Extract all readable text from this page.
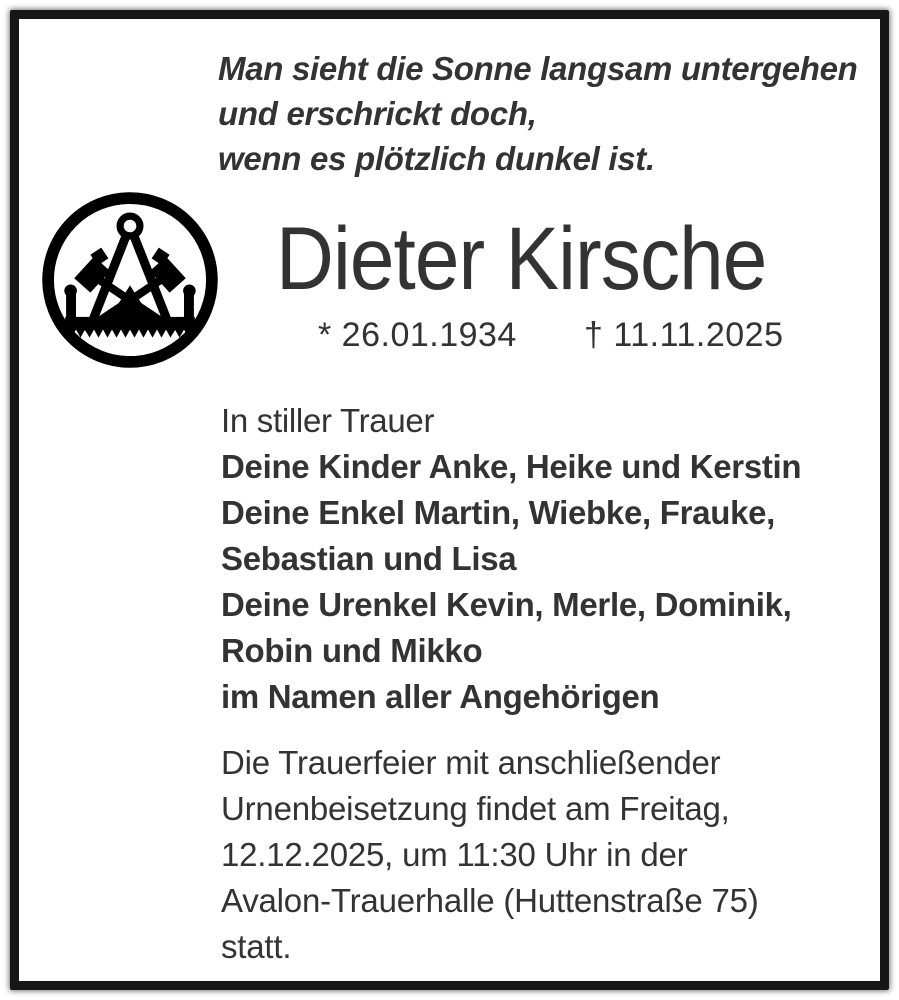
Man sieht die Sonne langsam untergehen
und erschrickt doch,
wenn es plötzlich dunkel ist.
Dieter Kirsche
* 26.01.1934 † 11.11.2025
In stiller Trauer
Deine Kinder Anke, Heike und Kerstin
Deine Enkel Martin, Wiebke, Frauke,
Sebastian und Lisa
Deine Urenkel Kevin, Merle, Dominik,
Robin und Mikko
im Namen aller Angehörigen
Die Trauerfeier mit anschließender
Urnenbeisetzung findet am Freitag,
12.12.2025, um 11:30 Uhr in der
Avalon-Trauerhalle (Huttenstraße 75)
statt.
